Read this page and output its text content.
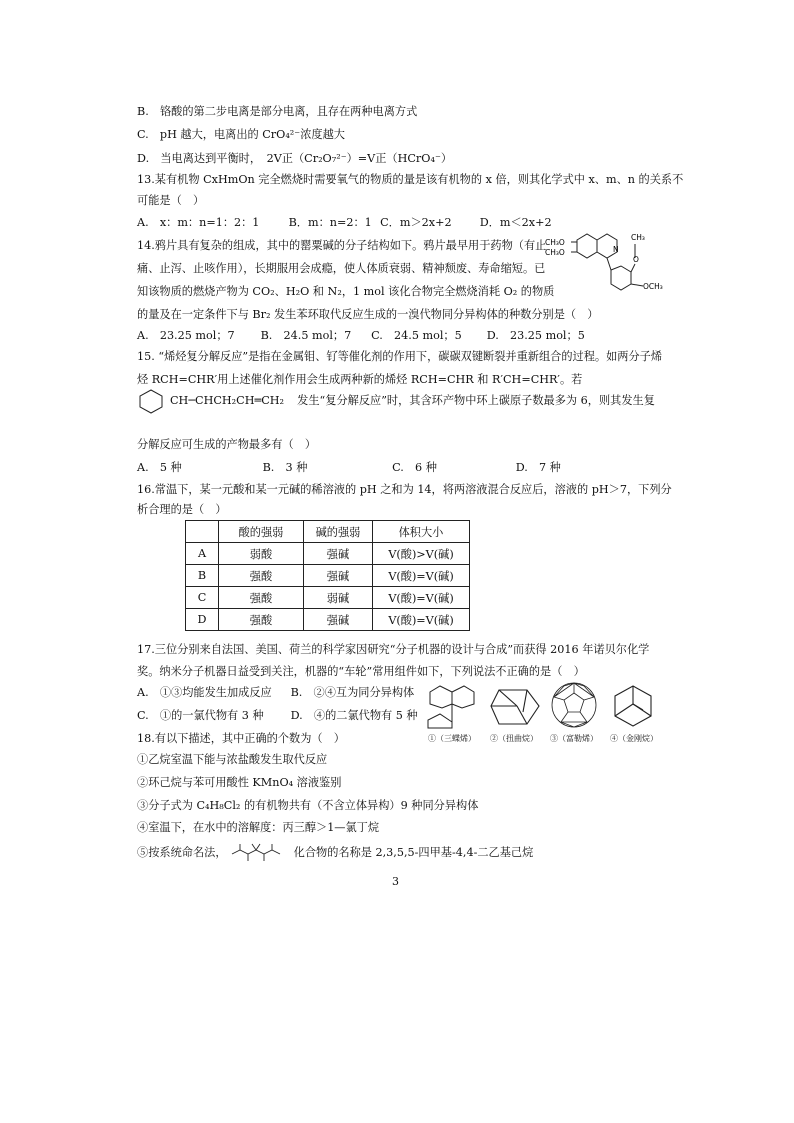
B.　铬酸的第二步电离是部分电离，且存在两种电离方式
C.　pH 越大，电离出的 CrO₄²⁻浓度越大
D.　当电离达到平衡时，　2V正（Cr₂O₇²⁻）=V正（HCrO₄⁻）
13.某有机物 CxHmOn 完全燃烧时需要氧气的物质的量是该有机物的 x 倍，则其化学式中 x、m、n 的关系不
可能是（　）
A.　x：m：n=1：2：1	B．m：n=2：1 C．m＞2x+2	D．m＜2x+2
14.鸦片具有复杂的组成，其中的罂粟碱的分子结构如下。鸦片最早用于药物（有止
痛、止泻、止咳作用），长期服用会成瘾，使人体质衰弱、精神颓废、寿命缩短。已
知该物质的燃烧产物为 CO₂、H₂O 和 N₂，1 mol 该化合物完全燃烧消耗 O₂ 的物质
的量及在一定条件下与 Br₂ 发生苯环取代反应生成的一溴代物同分异构体的种数分别是（　）
A.　23.25 mol；7 B.　24.5 mol；7 C.　24.5 mol；5 D.　23.25 mol；5
CH₃O
CH₃O	N
O
CH₃
OCH₃
15. “烯烃复分解反应”是指在金属钼、钌等催化剂的作用下，碳碳双键断裂并重新组合的过程。如两分子烯
烃 RCH=CHR′用上述催化剂作用会生成两种新的烯烃 RCH=CHR 和 R′CH=CHR′。若
CH─CHCH₂CH═CH₂ 发生“复分解反应”时，其含环产物中环上碳原子数最多为 6，则其发生复
分解反应可生成的产物最多有（　）
A.　5 种	B.　3 种	C.　6 种	D.　7 种
16.常温下，某一元酸和某一元碱的稀溶液的 pH 之和为 14，将两溶液混合反应后，溶液的 pH＞7，下列分
析合理的是（　）
	酸的强弱	碱的强弱	体积大小
A	弱酸	强碱	V(酸)>V(碱)
B	强酸	强碱	V(酸)=V(碱)
C	强酸	弱碱	V(酸)=V(碱)
D	强酸	强碱	V(酸)=V(碱)
17.三位分别来自法国、美国、荷兰的科学家因研究“分子机器的设计与合成”而获得 2016 年诺贝尔化学
奖。纳米分子机器日益受到关注，机器的“车轮”常用组件如下，下列说法不正确的是（　）
A.　①③均能发生加成反应 B.　②④互为同分异构体
C.　①的一氯代物有 3 种 D.　④的二氯代物有 5 种
①（三蝶烯）	②（扭曲烷）	③（富勒烯）	④（金刚烷）
18.有以下描述，其中正确的个数为（　）
①乙烷室温下能与浓盐酸发生取代反应
②环己烷与苯可用酸性 KMnO₄ 溶液鉴别
③分子式为 C₄H₈Cl₂ 的有机物共有（不含立体异构）9 种同分异构体
④室温下，在水中的溶解度：丙三醇＞1—氯丁烷
⑤按系统命名法，	化合物的名称是 2,3,5,5-四甲基-4,4-二乙基己烷
3
